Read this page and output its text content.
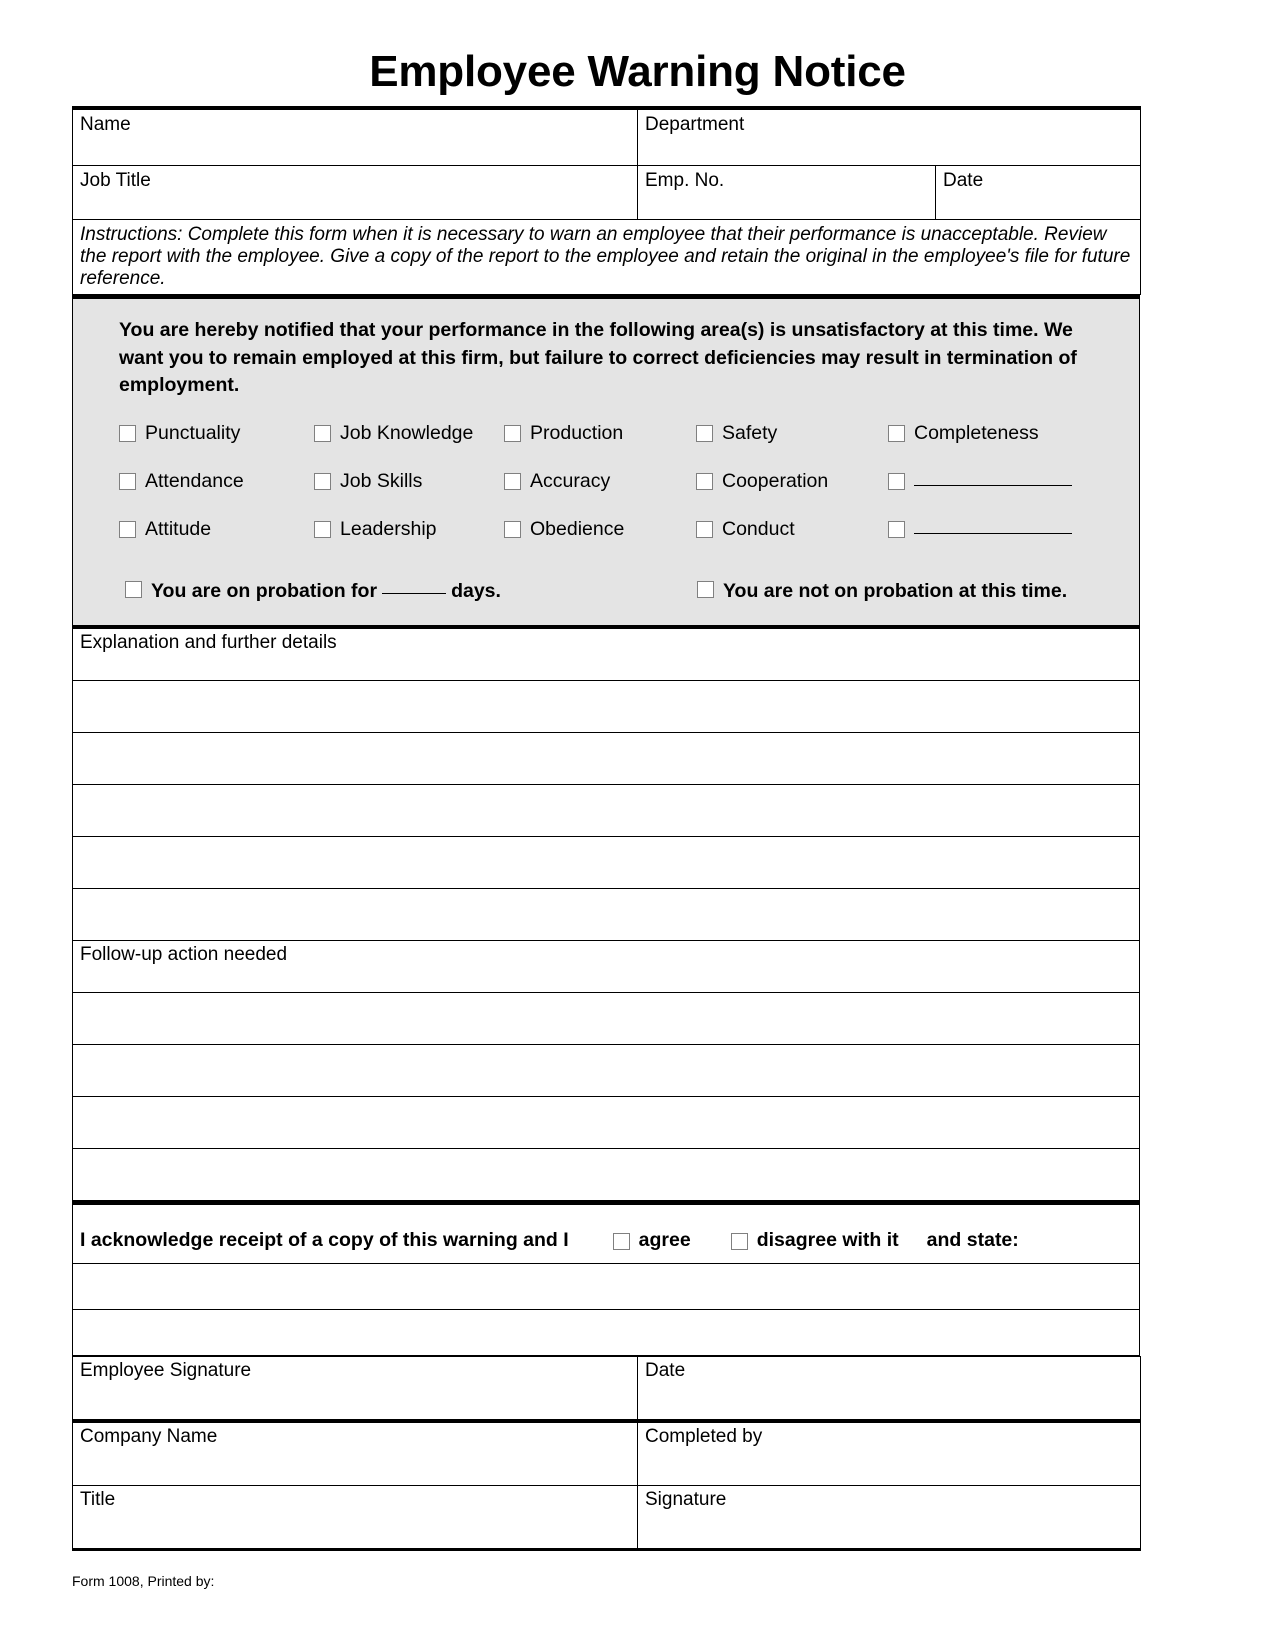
Employee Warning Notice
Name	Department	
Job Title	Emp. No.	Date
Instructions: Complete this form when it is necessary to warn an employee that their performance is unacceptable. Review the report with the employee. Give a copy of the report to the employee and retain the original in the employee's file for future reference.		
You are hereby notified that your performance in the following area(s) is unsatisfactory at this time. We want you to remain employed at this firm, but failure to correct deficiencies may result in termination of employment.
Punctuality	Job Knowledge	Production	Safety	Completeness
Attendance	Job Skills	Accuracy	Cooperation
Attitude	Leadership	Obedience	Conduct
You are on probation for	days.	You are not on probation at this time.
Explanation and further details

Follow-up action needed

I acknowledge receipt of a copy of this warning and I	agree	disagree with it and state:

Employee Signature	Date
Company Name	Completed by
Title	Signature
Form 1008, Printed by:
